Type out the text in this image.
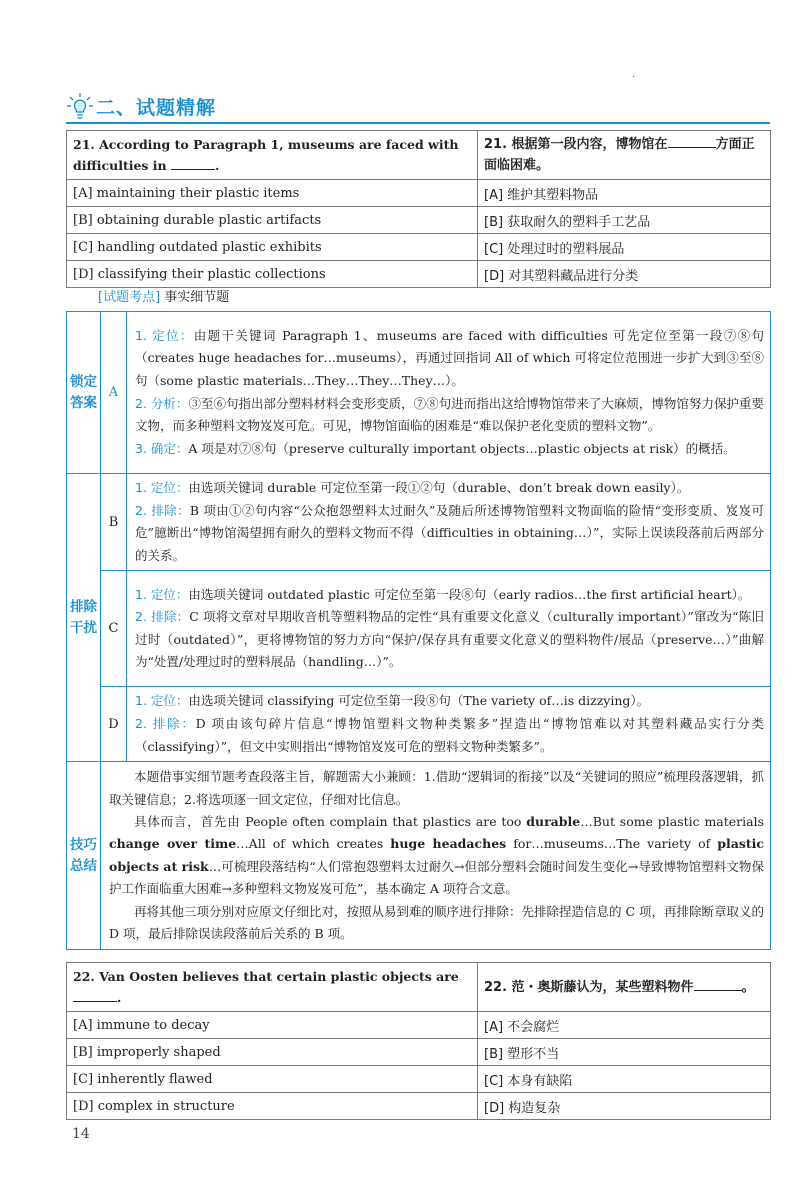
·
二、试题精解
21. According to Paragraph 1, museums are faced with difficulties in .	21. 根据第一段内容，博物馆在 方面正面临困难。
[A] maintaining their plastic items	[A] 维护其塑料物品
[B] obtaining durable plastic artifacts	[B] 获取耐久的塑料手工艺品
[C] handling outdated plastic exhibits	[C] 处理过时的塑料展品
[D] classifying their plastic collections	[D] 对其塑料藏品进行分类
[试题考点] 事实细节题
锁定答案	A	1. 定位：由题干关键词 Paragraph 1、museums are faced with difficulties 可先定位至第一段⑦⑧句（creates huge headaches for…museums），再通过回指词 All of which 可将定位范围进一步扩大到③至⑧句（some plastic materials…They…They…They…）。
2. 分析：③至⑥句指出部分塑料材料会变形变质，⑦⑧句进而指出这给博物馆带来了大麻烦，博物馆努力保护重要文物，而多种塑料文物岌岌可危。可见，博物馆面临的困难是“难以保护老化变质的塑料文物”。
3. 确定：A 项是对⑦⑧句（preserve culturally important objects…plastic objects at risk）的概括。
排除干扰	B	1. 定位：由选项关键词 durable 可定位至第一段①②句（durable、don’t break down easily）。
2. 排除：B 项由①②句内容“公众抱怨塑料太过耐久”及随后所述博物馆塑料文物面临的险情“变形变质、岌岌可危”臆断出“博物馆渴望拥有耐久的塑料文物而不得（difficulties in obtaining…）”，实际上误读段落前后两部分的关系。
	C	1. 定位：由选项关键词 outdated plastic 可定位至第一段⑧句（early radios…the first artificial heart）。
2. 排除：C 项将文章对早期收音机等塑料物品的定性“具有重要文化意义（culturally important）”窜改为“陈旧过时（outdated）”，更将博物馆的努力方向“保护/保存具有重要文化意义的塑料物件/展品（preserve…）”曲解为“处置/处理过时的塑料展品（handling…）”。
	D	1. 定位：由选项关键词 classifying 可定位至第一段⑧句（The variety of…is dizzying）。
2. 排除：D 项由该句碎片信息“博物馆塑料文物种类繁多”捏造出“博物馆难以对其塑料藏品实行分类（classifying）”，但文中实则指出“博物馆岌岌可危的塑料文物种类繁多”。
技巧总结	本题借事实细节题考查段落主旨，解题需大小兼顾：1.借助“逻辑词的衔接”以及“关键词的照应”梳理段落逻辑，抓取关键信息；2.将选项逐一回文定位，仔细对比信息。

具体而言，首先由 People often complain that plastics are too durable…But some plastic materials change over time…All of which creates huge headaches for…museums…The variety of plastic objects at risk…可梳理段落结构“人们常抱怨塑料太过耐久→但部分塑料会随时间发生变化→导致博物馆塑料文物保护工作面临重大困难→多种塑料文物岌岌可危”，基本确定 A 项符合文意。

再将其他三项分别对应原文仔细比对，按照从易到难的顺序进行排除：先排除捏造信息的 C 项，再排除断章取义的 D 项，最后排除误读段落前后关系的 B 项。	

22. Van Oosten believes that certain plastic objects are .	22. 范・奥斯藤认为，某些塑料物件 。
[A] immune to decay	[A] 不会腐烂
[B] improperly shaped	[B] 塑形不当
[C] inherently flawed	[C] 本身有缺陷
[D] complex in structure	[D] 构造复杂
14
